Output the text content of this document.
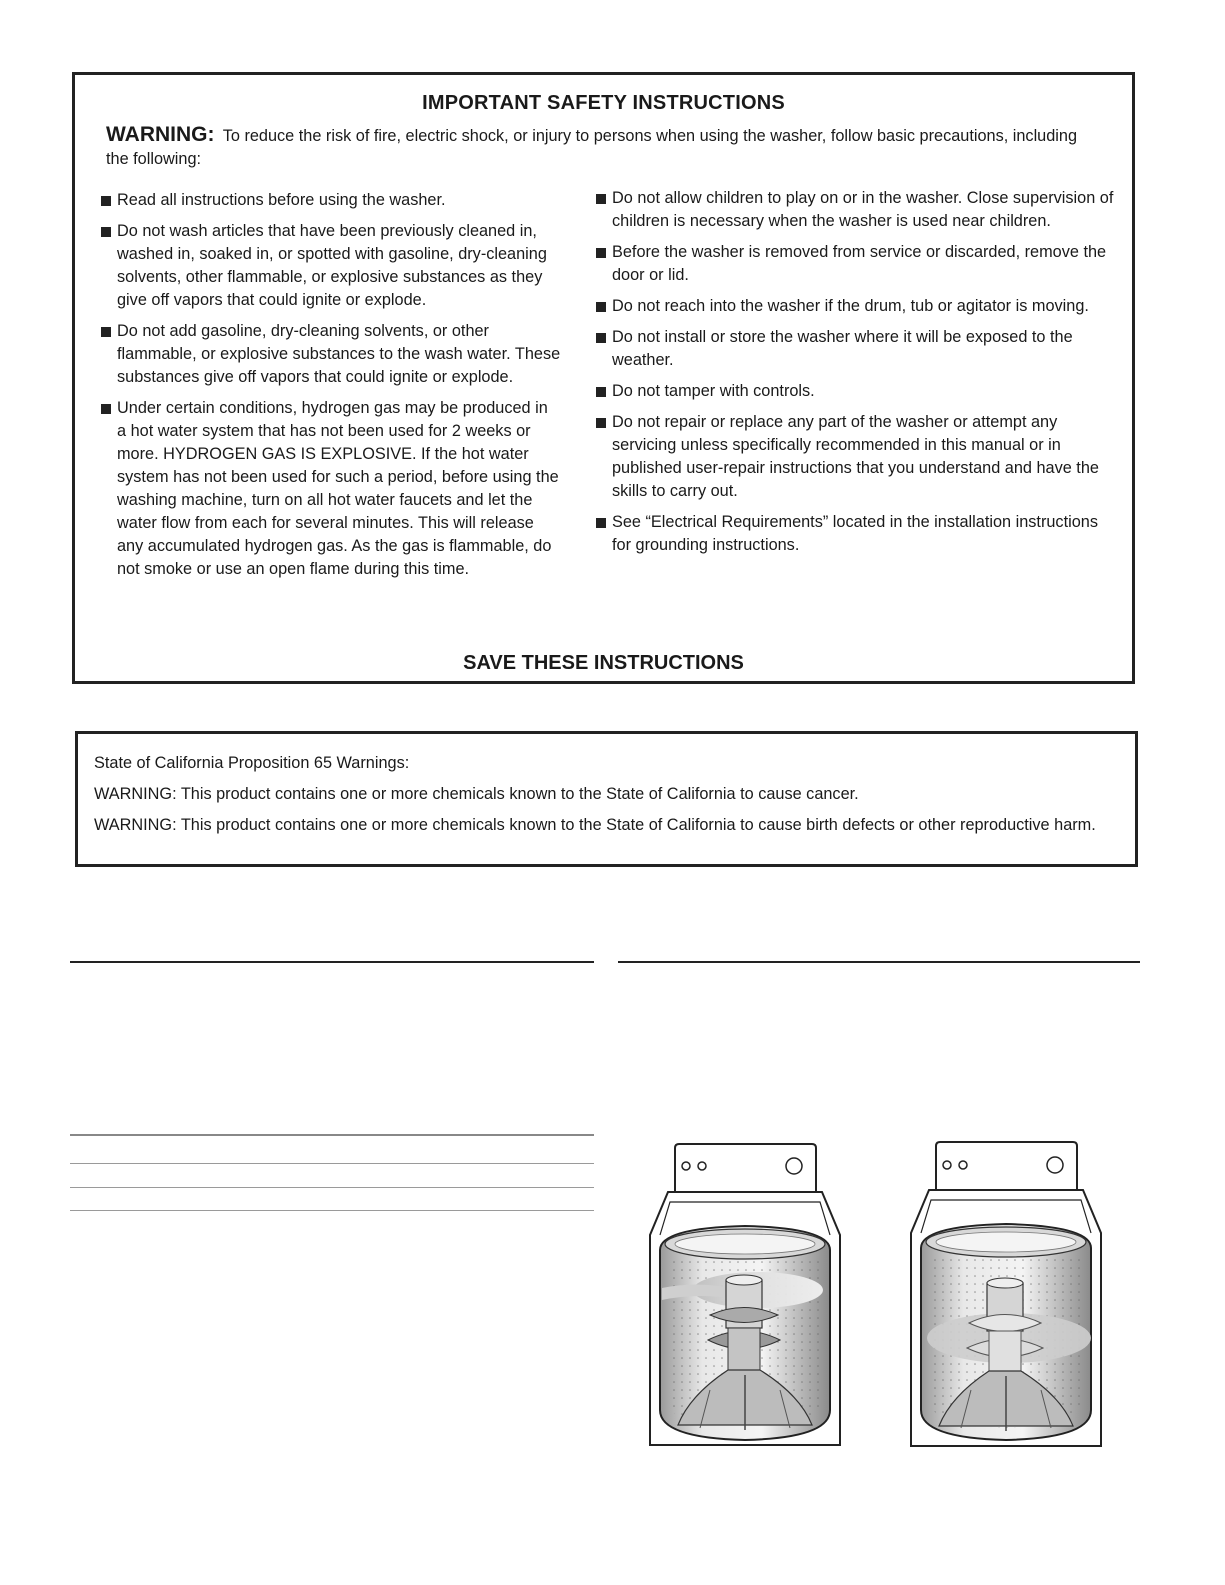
IMPORTANT SAFETY INSTRUCTIONS

WARNING: To reduce the risk of fire, electric shock, or injury to persons when using the washer, follow basic precautions, including the following:

Read all instructions before using the washer.
Do not wash articles that have been previously cleaned in, washed in, soaked in, or spotted with gasoline, dry-cleaning solvents, other flammable, or explosive substances as they give off vapors that could ignite or explode.
Do not add gasoline, dry-cleaning solvents, or other flammable, or explosive substances to the wash water. These substances give off vapors that could ignite or explode.
Under certain conditions, hydrogen gas may be produced in a hot water system that has not been used for 2 weeks or more. HYDROGEN GAS IS EXPLOSIVE. If the hot water system has not been used for such a period, before using the washing machine, turn on all hot water faucets and let the water flow from each for several minutes. This will release any accumulated hydrogen gas. As the gas is flammable, do not smoke or use an open flame during this time.
Do not allow children to play on or in the washer. Close supervision of children is necessary when the washer is used near children.
Before the washer is removed from service or discarded, remove the door or lid.
Do not reach into the washer if the drum, tub or agitator is moving.
Do not install or store the washer where it will be exposed to the weather.
Do not tamper with controls.
Do not repair or replace any part of the washer or attempt any servicing unless specifically recommended in this manual or in published user-repair instructions that you understand and have the skills to carry out.
See “Electrical Requirements” located in the installation instructions for grounding instructions.
SAVE THESE INSTRUCTIONS

State of California Proposition 65 Warnings:

WARNING: This product contains one or more chemicals known to the State of California to cause cancer.

WARNING: This product contains one or more chemicals known to the State of California to cause birth defects or other reproductive harm.
